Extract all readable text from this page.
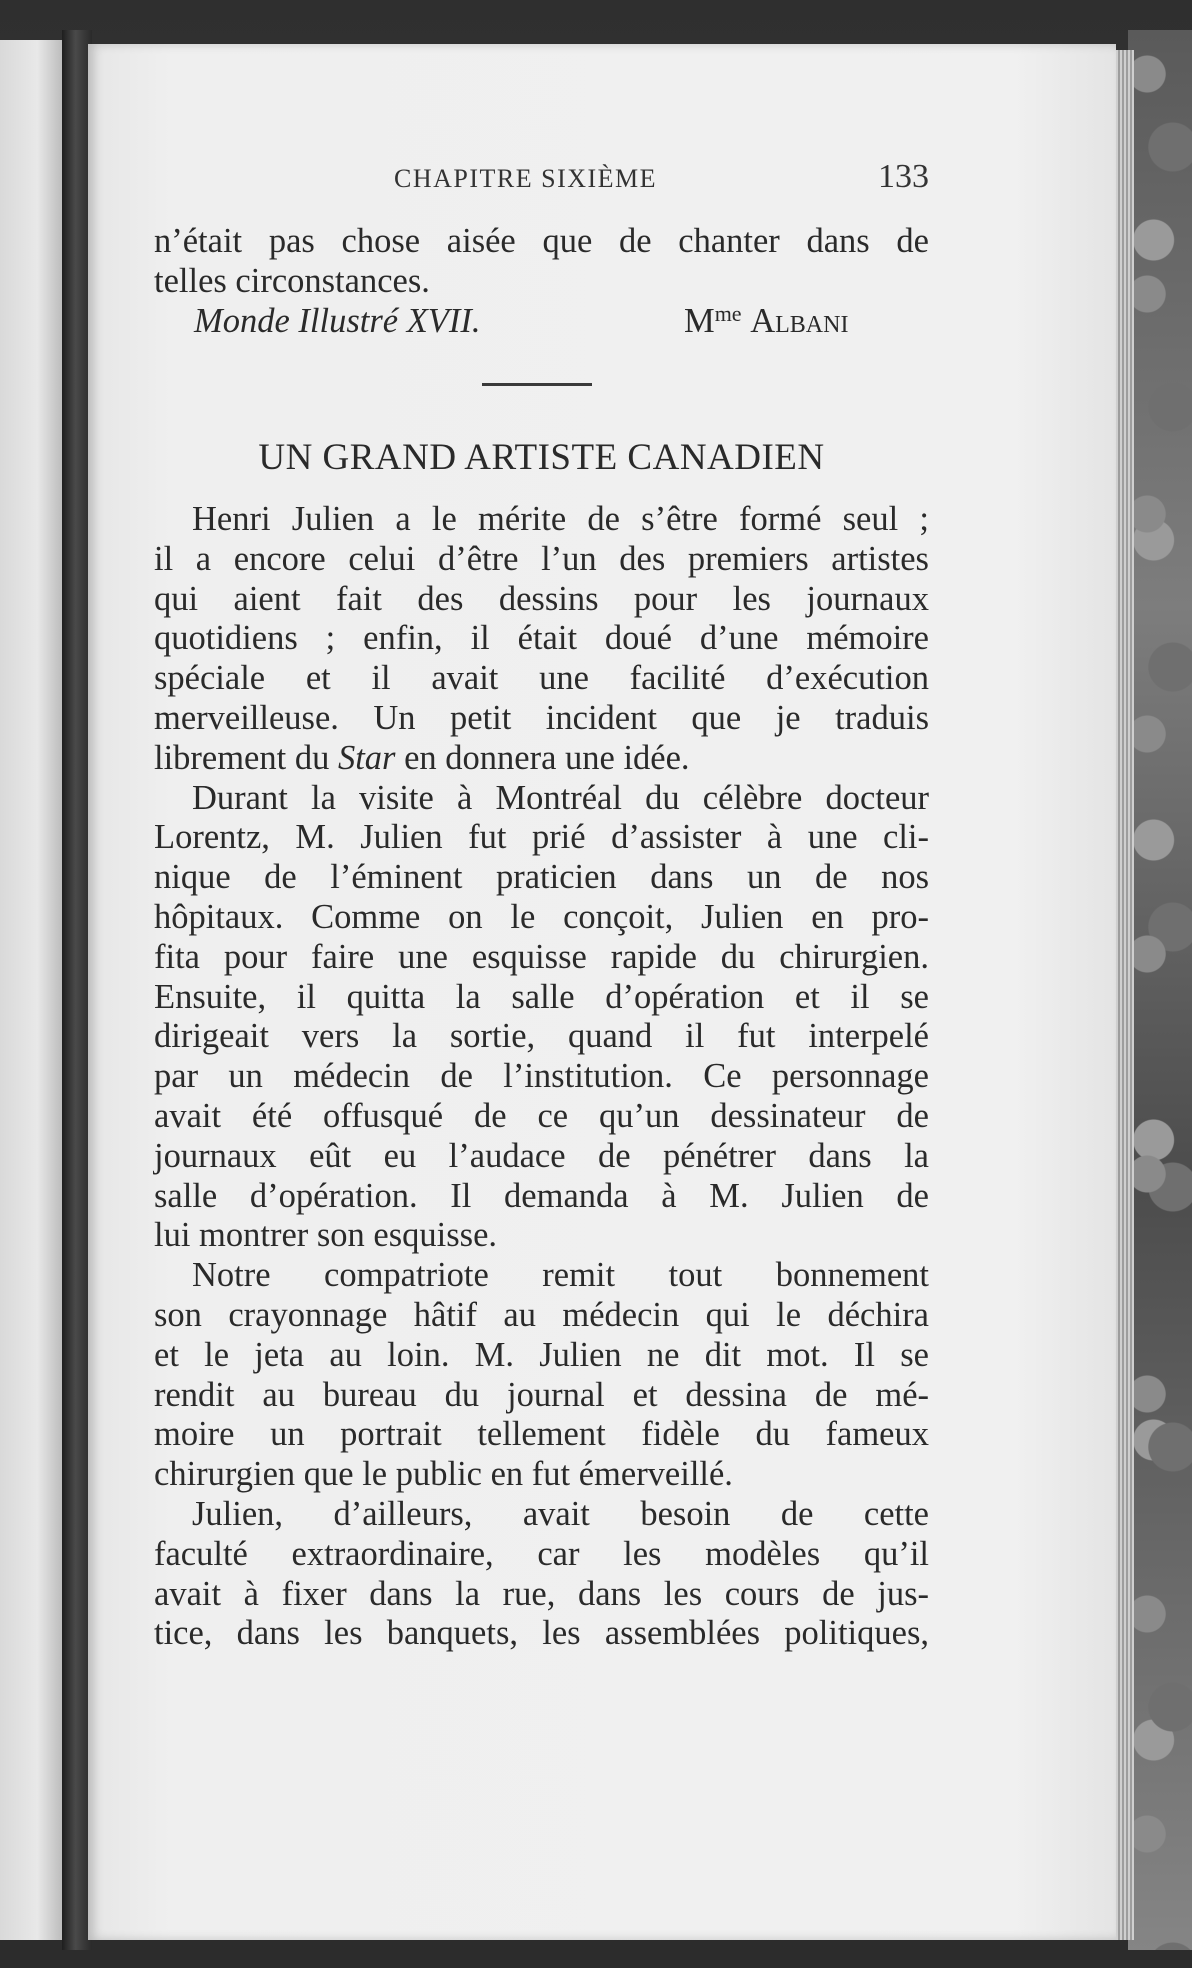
CHAPITRE SIXIÈME	133

n’était pas chose aisée que de chanter dans de

telles circonstances.

Monde Illustré XVII.	$M^{me}$ Albani
UN GRAND ARTISTE CANADIEN

Henri Julien a le mérite de s’être formé seul ;

il a encore celui d’être l’un des premiers artistes

qui aient fait des dessins pour les journaux

quotidiens ; enfin, il était doué d’une mémoire

spéciale et il avait une facilité d’exécution

merveilleuse. Un petit incident que je traduis

librement du Star en donnera une idée.

Durant la visite à Montréal du célèbre docteur

Lorentz, M. Julien fut prié d’assister à une cli-

nique de l’éminent praticien dans un de nos

hôpitaux. Comme on le conçoit, Julien en pro-

fita pour faire une esquisse rapide du chirurgien.

Ensuite, il quitta la salle d’opération et il se

dirigeait vers la sortie, quand il fut interpelé

par un médecin de l’institution. Ce personnage

avait été offusqué de ce qu’un dessinateur de

journaux eût eu l’audace de pénétrer dans la

salle d’opération. Il demanda à M. Julien de

lui montrer son esquisse.

Notre compatriote remit tout bonnement

son crayonnage hâtif au médecin qui le déchira

et le jeta au loin. M. Julien ne dit mot. Il se

rendit au bureau du journal et dessina de mé-

moire un portrait tellement fidèle du fameux

chirurgien que le public en fut émerveillé.

Julien, d’ailleurs, avait besoin de cette

faculté extraordinaire, car les modèles qu’il

avait à fixer dans la rue, dans les cours de jus-

tice, dans les banquets, les assemblées politiques,
